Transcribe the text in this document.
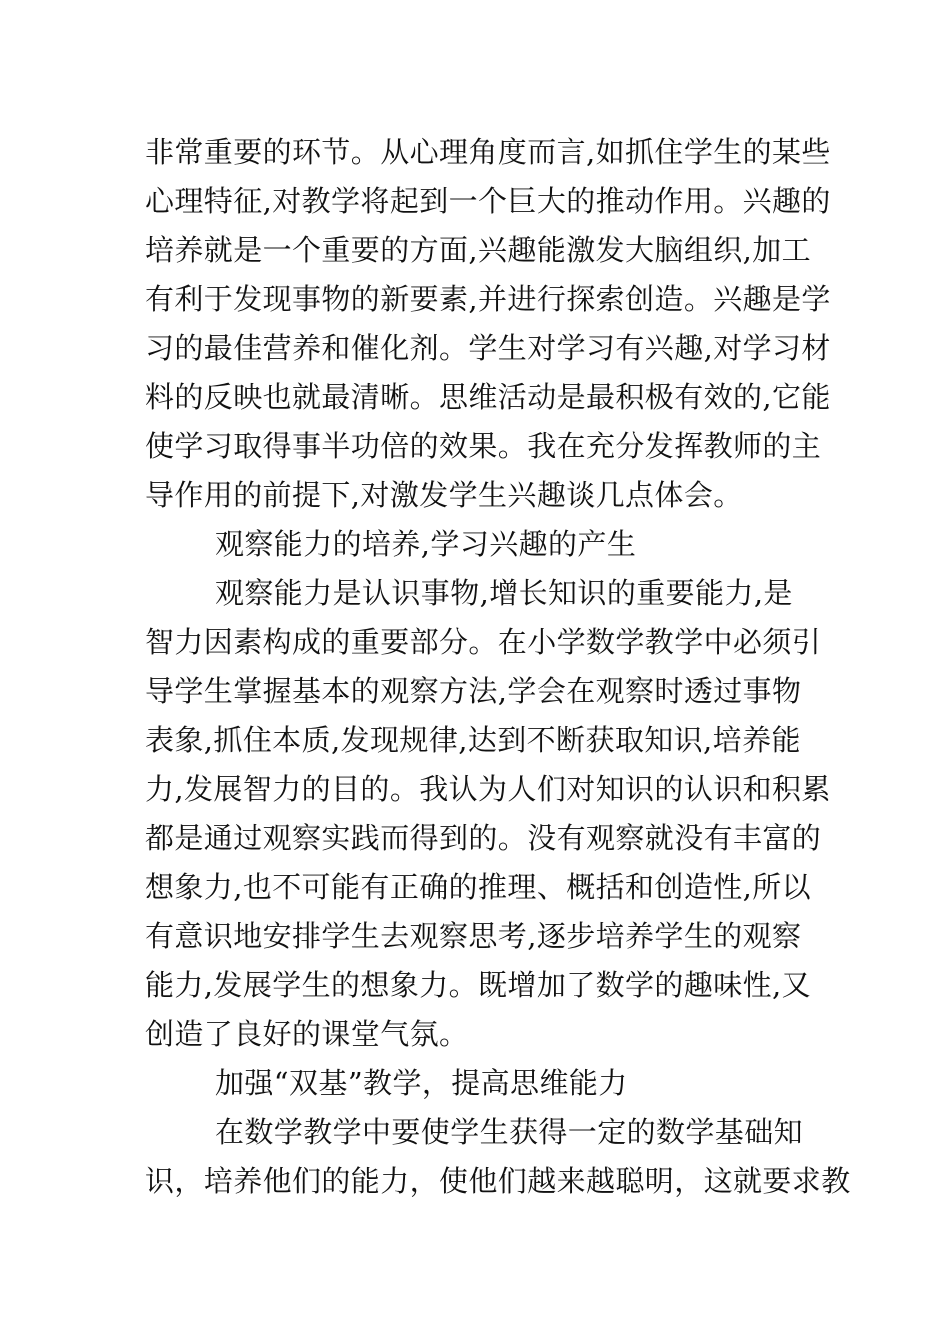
非常重要的环节。从心理角度而言,如抓住学生的某些
心理特征,对教学将起到一个巨大的推动作用。兴趣的
培养就是一个重要的方面,兴趣能激发大脑组织,加工
有利于发现事物的新要素,并进行探索创造。兴趣是学
习的最佳营养和催化剂。学生对学习有兴趣,对学习材
料的反映也就最清晰。思维活动是最积极有效的,它能
使学习取得事半功倍的效果。我在充分发挥教师的主
导作用的前提下,对激发学生兴趣谈几点体会。
观察能力的培养,学习兴趣的产生
观察能力是认识事物,增长知识的重要能力,是
智力因素构成的重要部分。在小学数学教学中必须引
导学生掌握基本的观察方法,学会在观察时透过事物
表象,抓住本质,发现规律,达到不断获取知识,培养能
力,发展智力的目的。我认为人们对知识的认识和积累
都是通过观察实践而得到的。没有观察就没有丰富的
想象力,也不可能有正确的推理、概括和创造性,所以
有意识地安排学生去观察思考,逐步培养学生的观察
能力,发展学生的想象力。既增加了数学的趣味性,又
创造了良好的课堂气氛。
加强“双基”教学，提高思维能力
在数学教学中要使学生获得一定的数学基础知
识，培养他们的能力，使他们越来越聪明，这就要求教
